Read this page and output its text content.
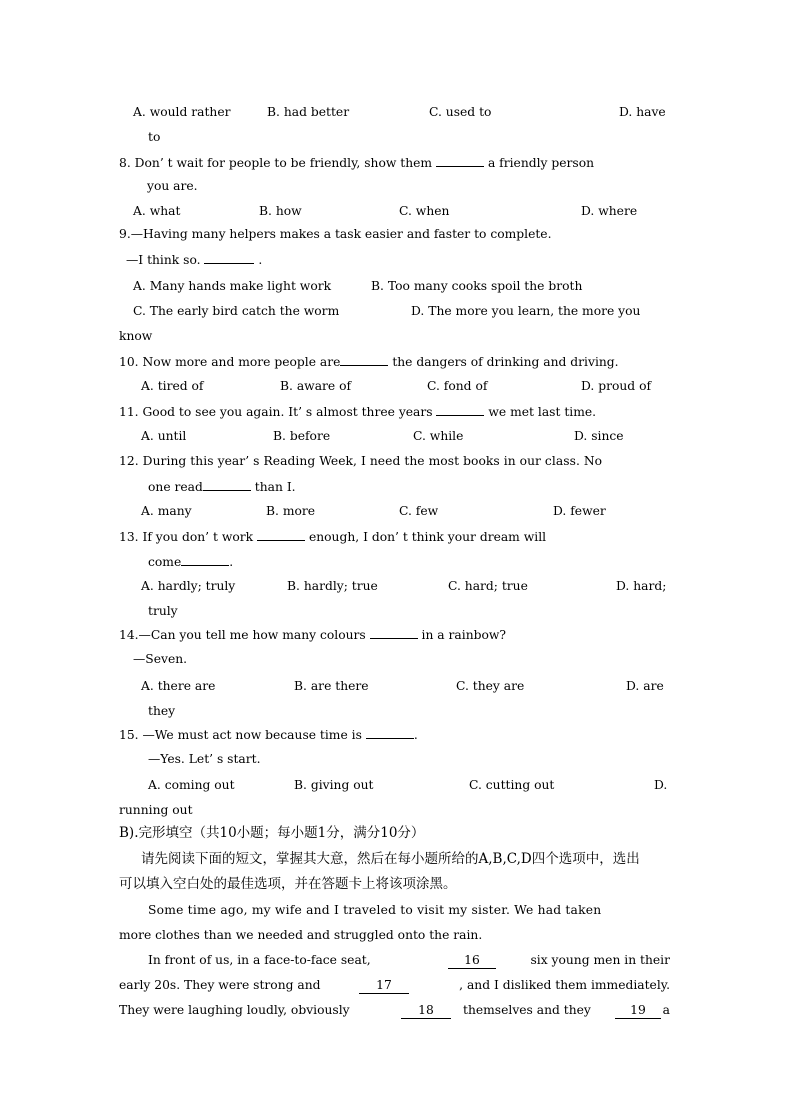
A. would rather	B. had better	C. used to	D. have
to
8. Don’ t wait for people to be friendly, show them	a friendly person
you are.
A. what	B. how	C. when	D. where
9.—Having many helpers makes a task easier and faster to complete.
—I think so.	.
A. Many hands make light work	B. Too many cooks spoil the broth
C. The early bird catch the worm	D. The more you learn, the more you
know
10. Now more and more people are	the dangers of drinking and driving.
A. tired of	B. aware of	C. fond of	D. proud of
11. Good to see you again. It’ s almost three years	we met last time.
A. until	B. before	C. while	D. since
12. During this year’ s Reading Week, I need the most books in our class. No
one read	than I.
A. many	B. more	C. few	D. fewer
13. If you don’ t work	enough, I don’ t think your dream will
come	.
A. hardly; truly	B. hardly; true	C. hard; true	D. hard;
truly
14.—Can you tell me how many colours	in a rainbow?
—Seven.
A. there are	B. are there	C. they are	D. are
they
15. —We must act now because time is	.
—Yes. Let’ s start.
A. coming out	B. giving out	C. cutting out	D.
running out
B).完形填空（共10小题；每小题1分，满分10分）
请先阅读下面的短文，掌握其大意，然后在每小题所给的A,B,C,D四个选项中，选出
可以填入空白处的最佳选项，并在答题卡上将该项涂黑。
Some time ago, my wife and I traveled to visit my sister. We had taken
more clothes than we needed and struggled onto the rain.
In front of us, in a face-to-face seat,	16	six young men in their
early 20s. They were strong and	17	, and I disliked them immediately.
They were laughing loudly, obviously	18	themselves and they	19	a
